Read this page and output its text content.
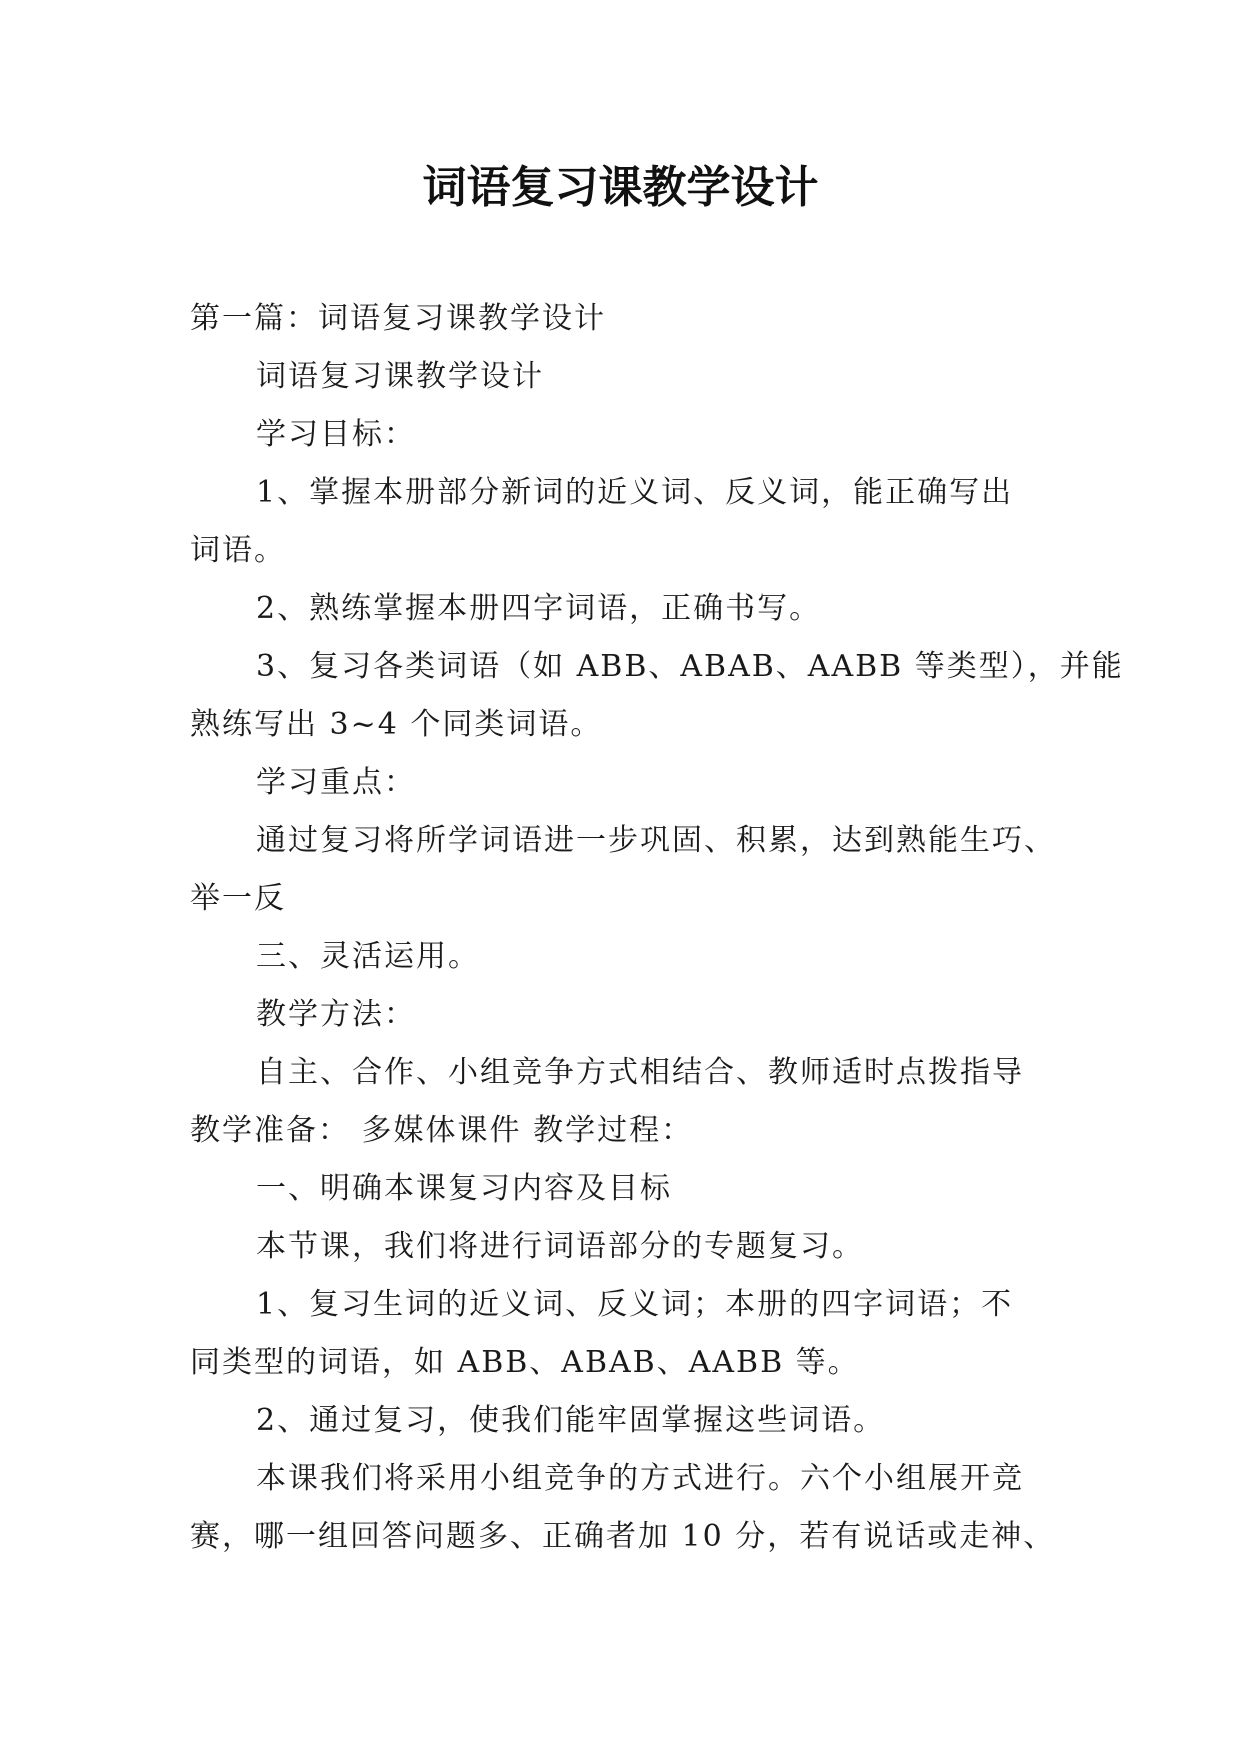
词语复习课教学设计

第一篇：词语复习课教学设计

词语复习课教学设计

学习目标：

1、掌握本册部分新词的近义词、反义词，能正确写出

词语。

2、熟练掌握本册四字词语，正确书写。

3、复习各类词语（如 ABB、ABAB、AABB 等类型），并能

熟练写出 3~4 个同类词语。

学习重点：

通过复习将所学词语进一步巩固、积累，达到熟能生巧、

举一反

三、灵活运用。

教学方法：

自主、合作、小组竞争方式相结合、教师适时点拨指导

教学准备： 多媒体课件 教学过程：

一、明确本课复习内容及目标

本节课，我们将进行词语部分的专题复习。

1、复习生词的近义词、反义词；本册的四字词语；不

同类型的词语，如 ABB、ABAB、AABB 等。

2、通过复习，使我们能牢固掌握这些词语。

本课我们将采用小组竞争的方式进行。六个小组展开竞

赛，哪一组回答问题多、正确者加 10 分，若有说话或走神、
